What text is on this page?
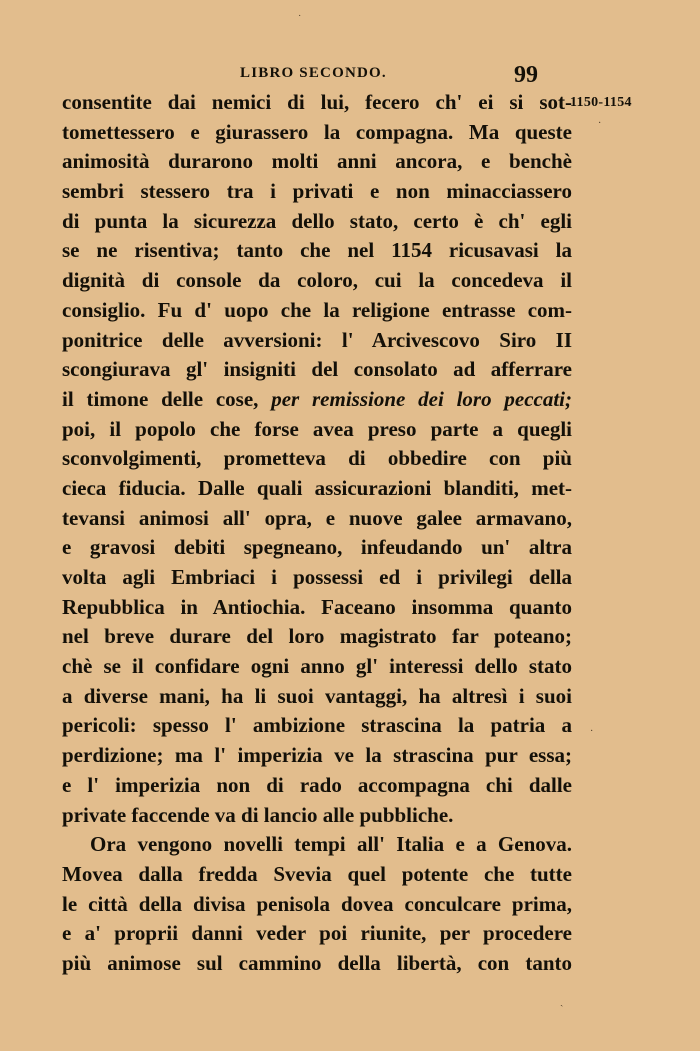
˙
LIBRO SECONDO.	99
1150-1154
consentite dai nemici di lui, fecero ch' ei si sot-
tomettessero e giurassero la compagna. Ma queste
animosità durarono molti anni ancora, e benchè
sembri stessero tra i privati e non minacciassero
di punta la sicurezza dello stato, certo è ch' egli
se ne risentiva; tanto che nel 1154 ricusavasi la
dignità di console da coloro, cui la concedeva il
consiglio. Fu d' uopo che la religione entrasse com-
ponitrice delle avversioni: l' Arcivescovo Siro II
scongiurava gl' insigniti del consolato ad afferrare
il timone delle cose, per remissione dei loro peccati;
poi, il popolo che forse avea preso parte a quegli
sconvolgimenti, prometteva di obbedire con più
cieca fiducia. Dalle quali assicurazioni blanditi, met-
tevansi animosi all' opra, e nuove galee armavano,
e gravosi debiti spegneano, infeudando un' altra
volta agli Embriaci i possessi ed i privilegi della
Repubblica in Antiochia. Faceano insomma quanto
nel breve durare del loro magistrato far poteano;
chè se il confidare ogni anno gl' interessi dello stato
a diverse mani, ha li suoi vantaggi, ha altresì i suoi
pericoli: spesso l' ambizione strascina la patria a
perdizione; ma l' imperizia ve la strascina pur essa;
e l' imperizia non di rado accompagna chi dalle
private faccende va di lancio alle pubbliche.
Ora vengono novelli tempi all' Italia e a Genova.
Movea dalla fredda Svevia quel potente che tutte
le città della divisa penisola dovea conculcare prima,
e a' proprii danni veder poi riunite, per procedere
più animose sul cammino della libertà, con tanto
·
·
ˏ
